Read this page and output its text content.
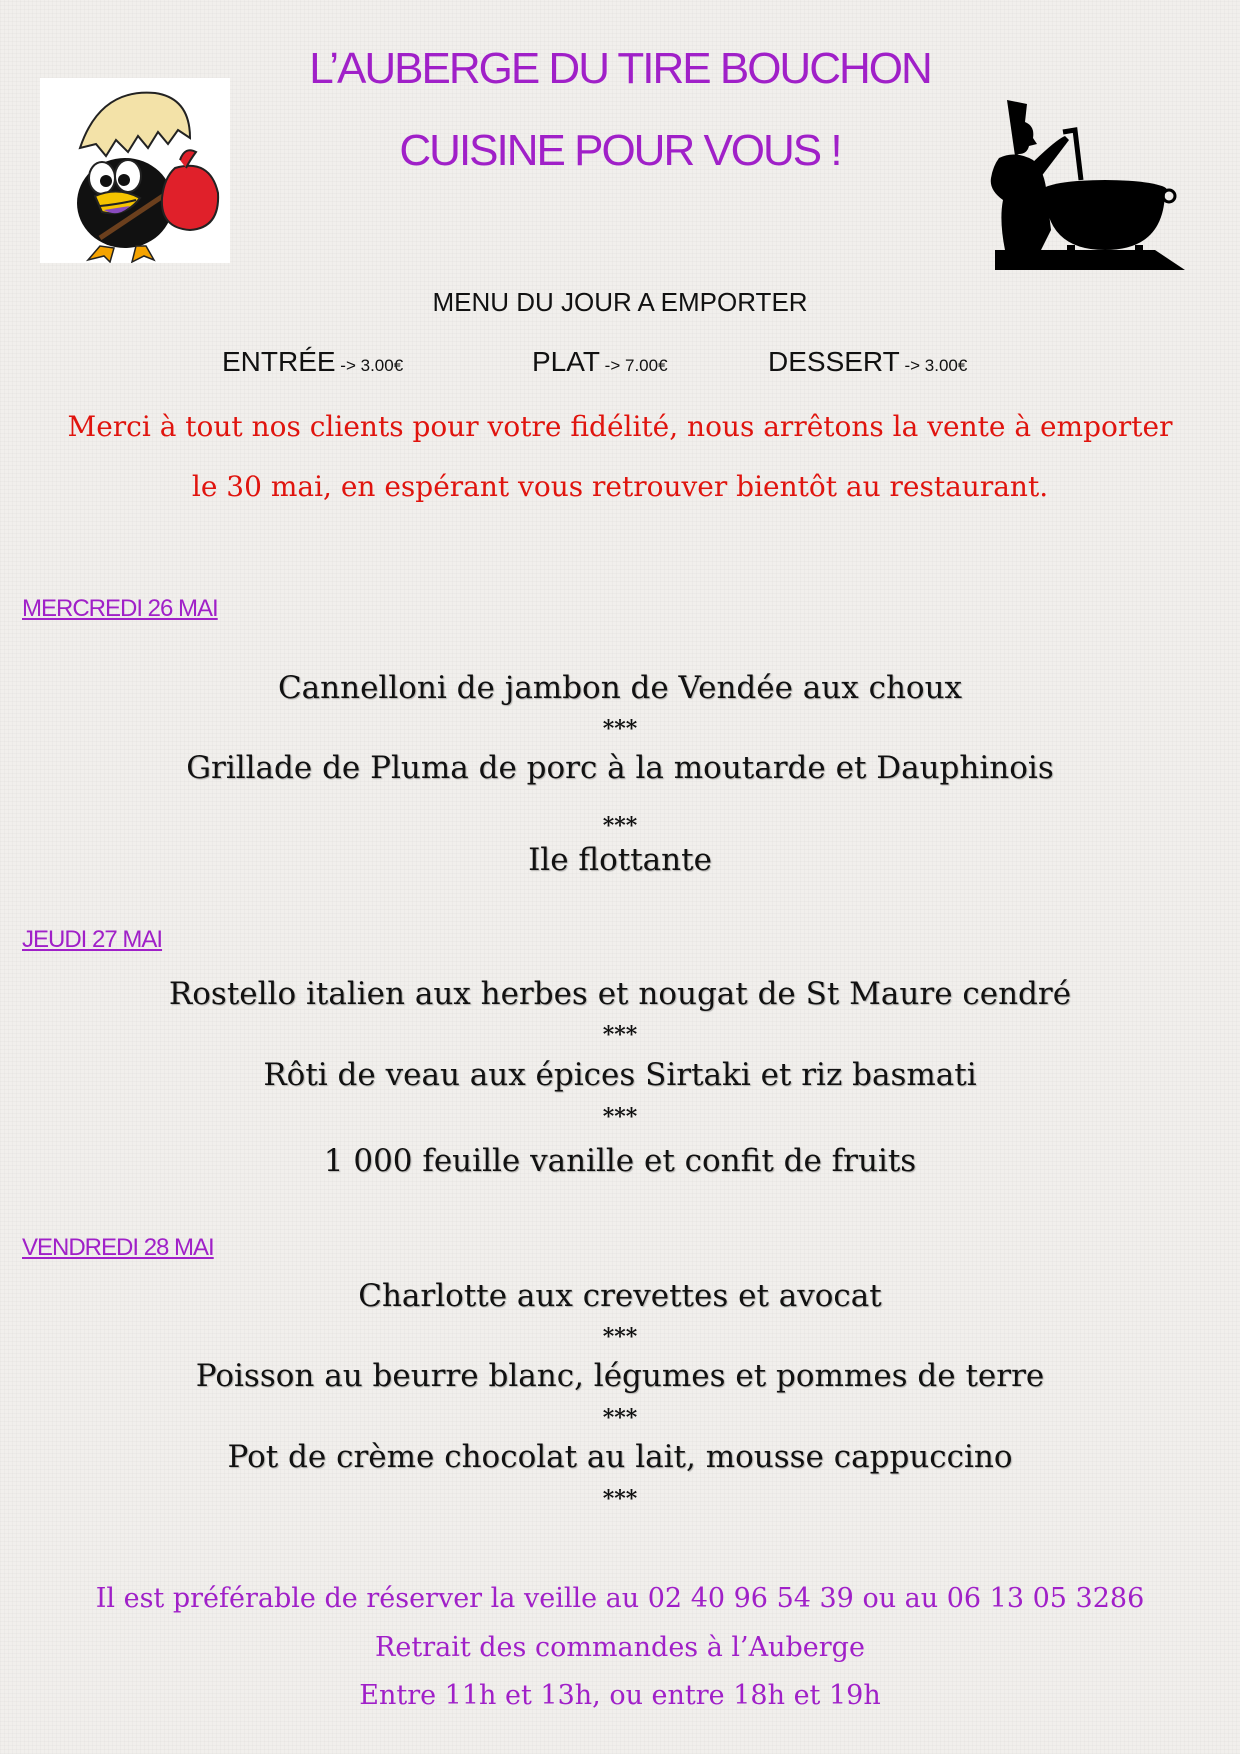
L’AUBERGE DU TIRE BOUCHON
CUISINE POUR VOUS !
MENU DU JOUR A EMPORTER
ENTRÉE -> 3.00€	PLAT -> 7.00€	DESSERT -> 3.00€
Merci à tout nos clients pour votre fidélité, nous arrêtons la vente à emporter
le 30 mai, en espérant vous retrouver bientôt au restaurant.
MERCREDI 26 MAI
Cannelloni de jambon de Vendée aux choux
***
Grillade de Pluma de porc à la moutarde et Dauphinois
***
Ile flottante
JEUDI 27 MAI
Rostello italien aux herbes et nougat de St Maure cendré
***
Rôti de veau aux épices Sirtaki et riz basmati
***
1 000 feuille vanille et confit de fruits
VENDREDI 28 MAI
Charlotte aux crevettes et avocat
***
Poisson au beurre blanc, légumes et pommes de terre
***
Pot de crème chocolat au lait, mousse cappuccino
***
Il est préférable de réserver la veille au 02 40 96 54 39 ou au 06 13 05 3286
Retrait des commandes à l’Auberge
Entre 11h et 13h, ou entre 18h et 19h
